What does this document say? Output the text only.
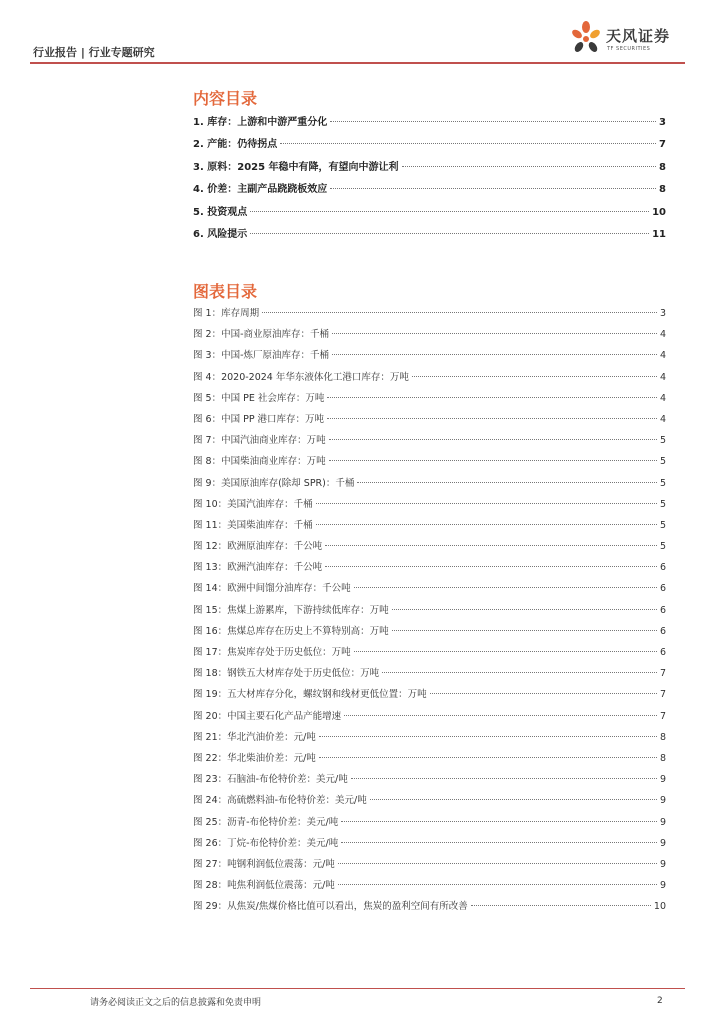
行业报告 | 行业专题研究
天风证券
TF SECURITIES
内容目录
1. 库存：上游和中游严重分化	3
2. 产能：仍待拐点	7
3. 原料：2025 年稳中有降，有望向中游让利	8
4. 价差：主副产品跷跷板效应	8
5. 投资观点	10
6. 风险提示	11
图表目录
图 1：库存周期	3
图 2：中国-商业原油库存：千桶	4
图 3：中国-炼厂原油库存：千桶	4
图 4：2020-2024 年华东液体化工港口库存：万吨	4
图 5：中国 PE 社会库存：万吨	4
图 6：中国 PP 港口库存：万吨	4
图 7：中国汽油商业库存：万吨	5
图 8：中国柴油商业库存：万吨	5
图 9：美国原油库存(除却 SPR)：千桶	5
图 10：美国汽油库存：千桶	5
图 11：美国柴油库存：千桶	5
图 12：欧洲原油库存：千公吨	5
图 13：欧洲汽油库存：千公吨	6
图 14：欧洲中间馏分油库存：千公吨	6
图 15：焦煤上游累库，下游持续低库存：万吨	6
图 16：焦煤总库存在历史上不算特别高：万吨	6
图 17：焦炭库存处于历史低位：万吨	6
图 18：钢铁五大材库存处于历史低位：万吨	7
图 19：五大材库存分化，螺纹钢和线材更低位置：万吨	7
图 20：中国主要石化产品产能增速	7
图 21：华北汽油价差：元/吨	8
图 22：华北柴油价差：元/吨	8
图 23：石脑油-布伦特价差：美元/吨	9
图 24：高硫燃料油-布伦特价差：美元/吨	9
图 25：沥青-布伦特价差：美元/吨	9
图 26：丁烷-布伦特价差：美元/吨	9
图 27：吨钢利润低位震荡：元/吨	9
图 28：吨焦利润低位震荡：元/吨	9
图 29：从焦炭/焦煤价格比值可以看出，焦炭的盈利空间有所改善	10
请务必阅读正文之后的信息披露和免责申明	2
